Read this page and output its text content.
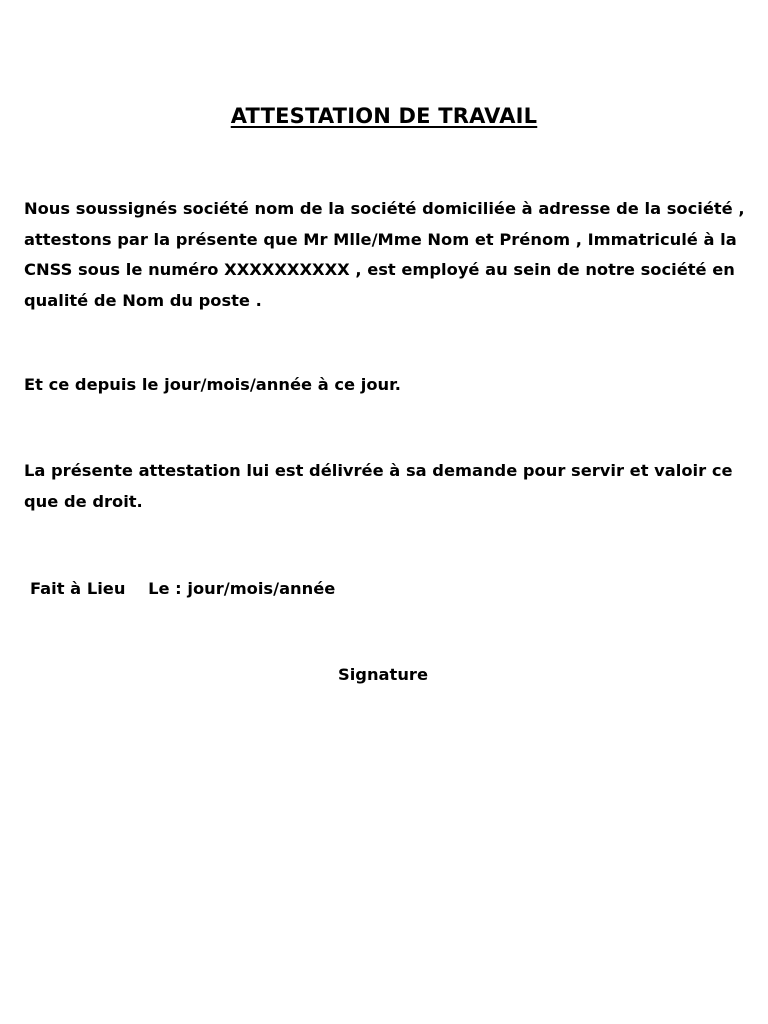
ATTESTATION DE TRAVAIL

Nous soussignés société nom de la société domiciliée à adresse de la société , attestons par la présente que Mr Mlle/Mme Nom et Prénom , Immatriculé à la CNSS sous le numéro XXXXXXXXXX , est employé au sein de notre société en qualité de Nom du poste .

Et ce depuis le jour/mois/année à ce jour.

La présente attestation lui est délivrée à sa demande pour servir et valoir ce que de droit.

Fait à Lieu    Le : jour/mois/année
Signature
